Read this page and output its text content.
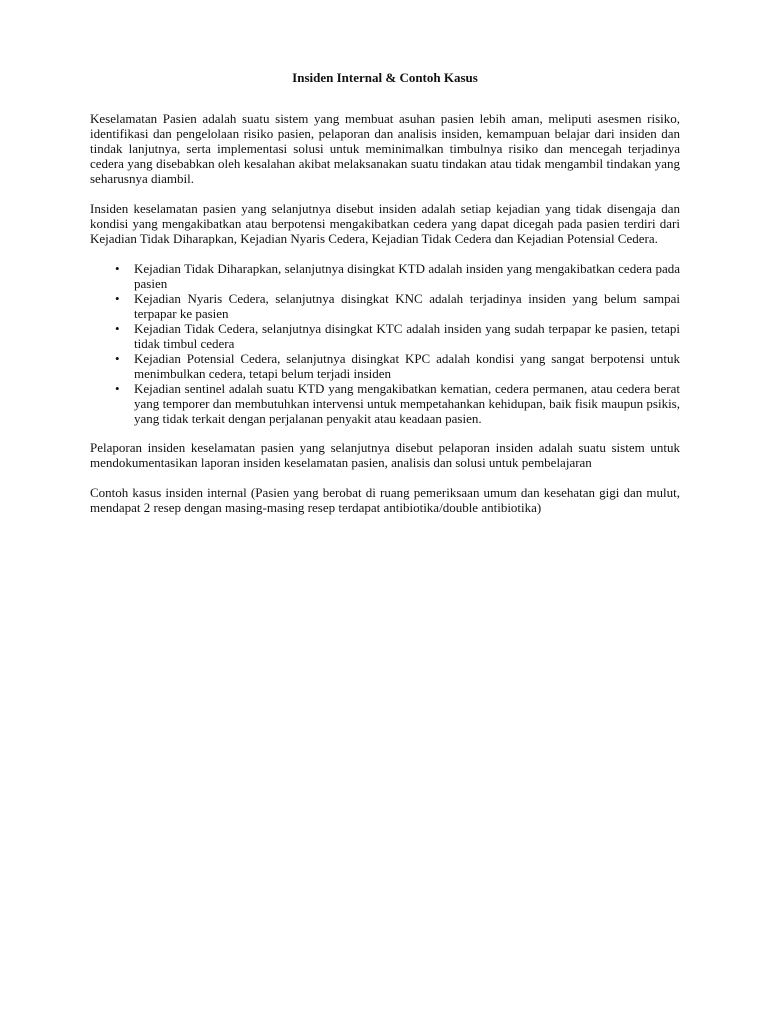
Insiden Internal & Contoh Kasus

Keselamatan Pasien adalah suatu sistem yang membuat asuhan pasien lebih aman, meliputi asesmen risiko, identifikasi dan pengelolaan risiko pasien, pelaporan dan analisis insiden, kemampuan belajar dari insiden dan tindak lanjutnya, serta implementasi solusi untuk meminimalkan timbulnya risiko dan mencegah terjadinya cedera yang disebabkan oleh kesalahan akibat melaksanakan suatu tindakan atau tidak mengambil tindakan yang seharusnya diambil.

Insiden keselamatan pasien yang selanjutnya disebut insiden adalah setiap kejadian yang tidak disengaja dan kondisi yang mengakibatkan atau berpotensi mengakibatkan cedera yang dapat dicegah pada pasien terdiri dari Kejadian Tidak Diharapkan, Kejadian Nyaris Cedera, Kejadian Tidak Cedera dan Kejadian Potensial Cedera.

• Kejadian Tidak Diharapkan, selanjutnya disingkat KTD adalah insiden yang mengakibatkan cedera pada pasien
• Kejadian Nyaris Cedera, selanjutnya disingkat KNC adalah terjadinya insiden yang belum sampai terpapar ke pasien
• Kejadian Tidak Cedera, selanjutnya disingkat KTC adalah insiden yang sudah terpapar ke pasien, tetapi tidak timbul cedera
• Kejadian Potensial Cedera, selanjutnya disingkat KPC adalah kondisi yang sangat berpotensi untuk menimbulkan cedera, tetapi belum terjadi insiden
• Kejadian sentinel adalah suatu KTD yang mengakibatkan kematian, cedera permanen, atau cedera berat yang temporer dan membutuhkan intervensi untuk mempetahankan kehidupan, baik fisik maupun psikis, yang tidak terkait dengan perjalanan penyakit atau keadaan pasien.

Pelaporan insiden keselamatan pasien yang selanjutnya disebut pelaporan insiden adalah suatu sistem untuk mendokumentasikan laporan insiden keselamatan pasien, analisis dan solusi untuk pembelajaran

Contoh kasus insiden internal (Pasien yang berobat di ruang pemeriksaan umum dan kesehatan gigi dan mulut, mendapat 2 resep dengan masing-masing resep terdapat antibiotika/double antibiotika)
